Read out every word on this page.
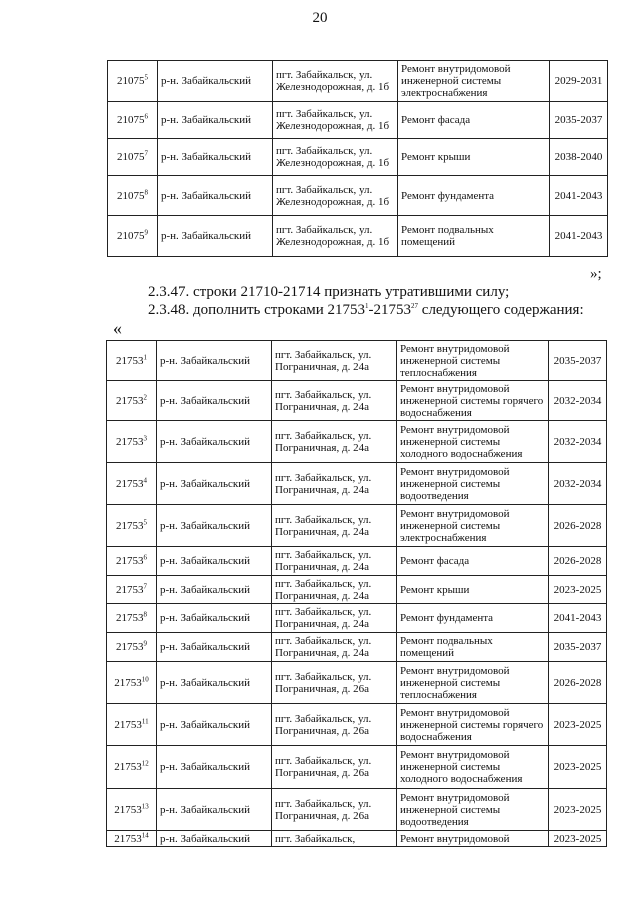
20
21075$^5$	р-н. Забайкальский	пгт. Забайкальск, ул. Железнодорожная, д. 1б	Ремонт внутридомовой инженерной системы электроснабжения	2029-2031
21075$^6$	р-н. Забайкальский	пгт. Забайкальск, ул. Железнодорожная, д. 1б	Ремонт фасада	2035-2037
21075$^7$	р-н. Забайкальский	пгт. Забайкальск, ул. Железнодорожная, д. 1б	Ремонт крыши	2038-2040
21075$^8$	р-н. Забайкальский	пгт. Забайкальск, ул. Железнодорожная, д. 1б	Ремонт фундамента	2041-2043
21075$^9$	р-н. Забайкальский	пгт. Забайкальск, ул. Железнодорожная, д. 1б	Ремонт подвальных помещений	2041-2043
»;
2.3.47. строки 21710-21714 признать утратившими силу;
2.3.48. дополнить строками 21753$^1$-21753$^{27}$ следующего содержания:
«
21753$^1$	р-н. Забайкальский	пгт. Забайкальск, ул. Пограничная, д. 24а	Ремонт внутридомовой инженерной системы теплоснабжения	2035-2037
21753$^2$	р-н. Забайкальский	пгт. Забайкальск, ул. Пограничная, д. 24а	Ремонт внутридомовой инженерной системы горячего водоснабжения	2032-2034
21753$^3$	р-н. Забайкальский	пгт. Забайкальск, ул. Пограничная, д. 24а	Ремонт внутридомовой инженерной системы холодного водоснабжения	2032-2034
21753$^4$	р-н. Забайкальский	пгт. Забайкальск, ул. Пограничная, д. 24а	Ремонт внутридомовой инженерной системы водоотведения	2032-2034
21753$^5$	р-н. Забайкальский	пгт. Забайкальск, ул. Пограничная, д. 24а	Ремонт внутридомовой инженерной системы электроснабжения	2026-2028
21753$^6$	р-н. Забайкальский	пгт. Забайкальск, ул. Пограничная, д. 24а	Ремонт фасада	2026-2028
21753$^7$	р-н. Забайкальский	пгт. Забайкальск, ул. Пограничная, д. 24а	Ремонт крыши	2023-2025
21753$^8$	р-н. Забайкальский	пгт. Забайкальск, ул. Пограничная, д. 24а	Ремонт фундамента	2041-2043
21753$^9$	р-н. Забайкальский	пгт. Забайкальск, ул. Пограничная, д. 24а	Ремонт подвальных помещений	2035-2037
21753$^{10}$	р-н. Забайкальский	пгт. Забайкальск, ул. Пограничная, д. 26а	Ремонт внутридомовой инженерной системы теплоснабжения	2026-2028
21753$^{11}$	р-н. Забайкальский	пгт. Забайкальск, ул. Пограничная, д. 26а	Ремонт внутридомовой инженерной системы горячего водоснабжения	2023-2025
21753$^{12}$	р-н. Забайкальский	пгт. Забайкальск, ул. Пограничная, д. 26а	Ремонт внутридомовой инженерной системы холодного водоснабжения	2023-2025
21753$^{13}$	р-н. Забайкальский	пгт. Забайкальск, ул. Пограничная, д. 26а	Ремонт внутридомовой инженерной системы водоотведения	2023-2025
21753$^{14}$	р-н. Забайкальский	пгт. Забайкальск,	Ремонт внутридомовой	2023-2025
